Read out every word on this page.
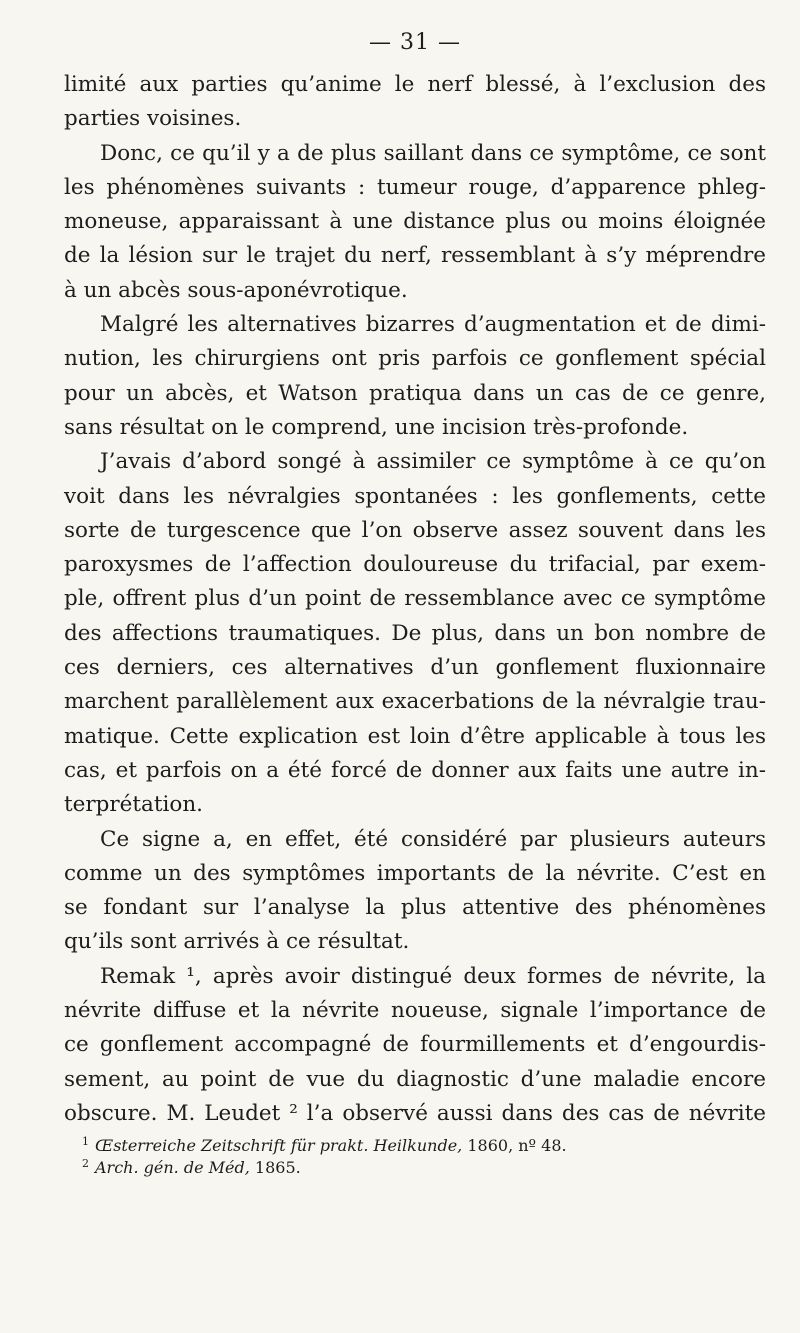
— 31 —
limité aux parties qu’anime le nerf blessé, à l’exclusion des
parties voisines.
Donc, ce qu’il y a de plus saillant dans ce symptôme, ce sont
les phénomènes suivants : tumeur rouge, d’apparence phleg-
moneuse, apparaissant à une distance plus ou moins éloignée
de la lésion sur le trajet du nerf, ressemblant à s’y méprendre
à un abcès sous-aponévrotique.
Malgré les alternatives bizarres d’augmentation et de dimi-
nution, les chirurgiens ont pris parfois ce gonflement spécial
pour un abcès, et Watson pratiqua dans un cas de ce genre,
sans résultat on le comprend, une incision très-profonde.
J’avais d’abord songé à assimiler ce symptôme à ce qu’on
voit dans les névralgies spontanées : les gonflements, cette
sorte de turgescence que l’on observe assez souvent dans les
paroxysmes de l’affection douloureuse du trifacial, par exem-
ple, offrent plus d’un point de ressemblance avec ce symptôme
des affections traumatiques. De plus, dans un bon nombre de
ces derniers, ces alternatives d’un gonflement fluxionnaire
marchent parallèlement aux exacerbations de la névralgie trau-
matique. Cette explication est loin d’être applicable à tous les
cas, et parfois on a été forcé de donner aux faits une autre in-
terprétation.
Ce signe a, en effet, été considéré par plusieurs auteurs
comme un des symptômes importants de la névrite. C’est en
se fondant sur l’analyse la plus attentive des phénomènes
qu’ils sont arrivés à ce résultat.
Remak ¹, après avoir distingué deux formes de névrite, la
névrite diffuse et la névrite noueuse, signale l’importance de
ce gonflement accompagné de fourmillements et d’engourdis-
sement, au point de vue du diagnostic d’une maladie encore
obscure. M. Leudet ² l’a observé aussi dans des cas de névrite
$^1$ Œsterreiche Zeitschrift für prakt. Heilkunde, 1860, nº 48.
$^2$ Arch. gén. de Méd, 1865.
